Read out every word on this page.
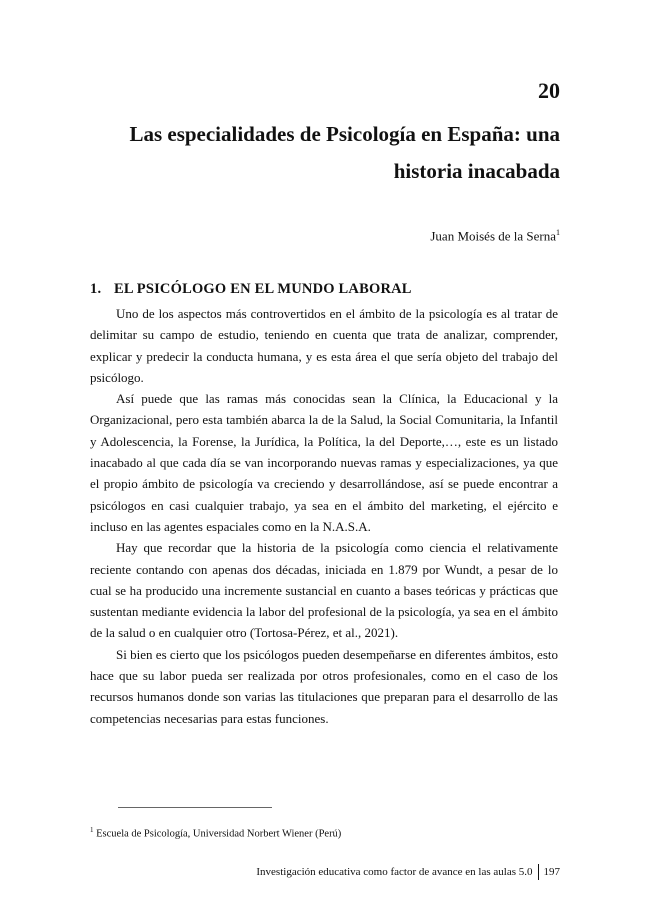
20
Las especialidades de Psicología en España: una historia inacabada
Juan Moisés de la Serna$^1$
1. EL PSICÓLOGO EN EL MUNDO LABORAL

Uno de los aspectos más controvertidos en el ámbito de la psicología es al tratar de delimitar su campo de estudio, teniendo en cuenta que trata de analizar, comprender, explicar y predecir la conducta humana, y es esta área el que sería objeto del trabajo del psicólogo.

Así puede que las ramas más conocidas sean la Clínica, la Educacional y la Organizacional, pero esta también abarca la de la Salud, la Social Comunitaria, la Infantil y Adolescencia, la Forense, la Jurídica, la Política, la del Deporte,…, este es un listado inacabado al que cada día se van incorporando nuevas ramas y especializaciones, ya que el propio ámbito de psicología va creciendo y desarrollándose, así se puede encontrar a psicólogos en casi cualquier trabajo, ya sea en el ámbito del marketing, el ejército e incluso en las agentes espaciales como en la N.A.S.A.

Hay que recordar que la historia de la psicología como ciencia el relativamente reciente contando con apenas dos décadas, iniciada en 1.879 por Wundt, a pesar de lo cual se ha producido una incremente sustancial en cuanto a bases teóricas y prácticas que sustentan mediante evidencia la labor del profesional de la psicología, ya sea en el ámbito de la salud o en cualquier otro (Tortosa-Pérez, et al., 2021).

Si bien es cierto que los psicólogos pueden desempeñarse en diferentes ámbitos, esto hace que su labor pueda ser realizada por otros profesionales, como en el caso de los recursos humanos donde son varias las titulaciones que preparan para el desarrollo de las competencias necesarias para estas funciones.

$^1$ Escuela de Psicología, Universidad Norbert Wiener (Perú)
Investigación educativa como factor de avance en las aulas 5.0 197
